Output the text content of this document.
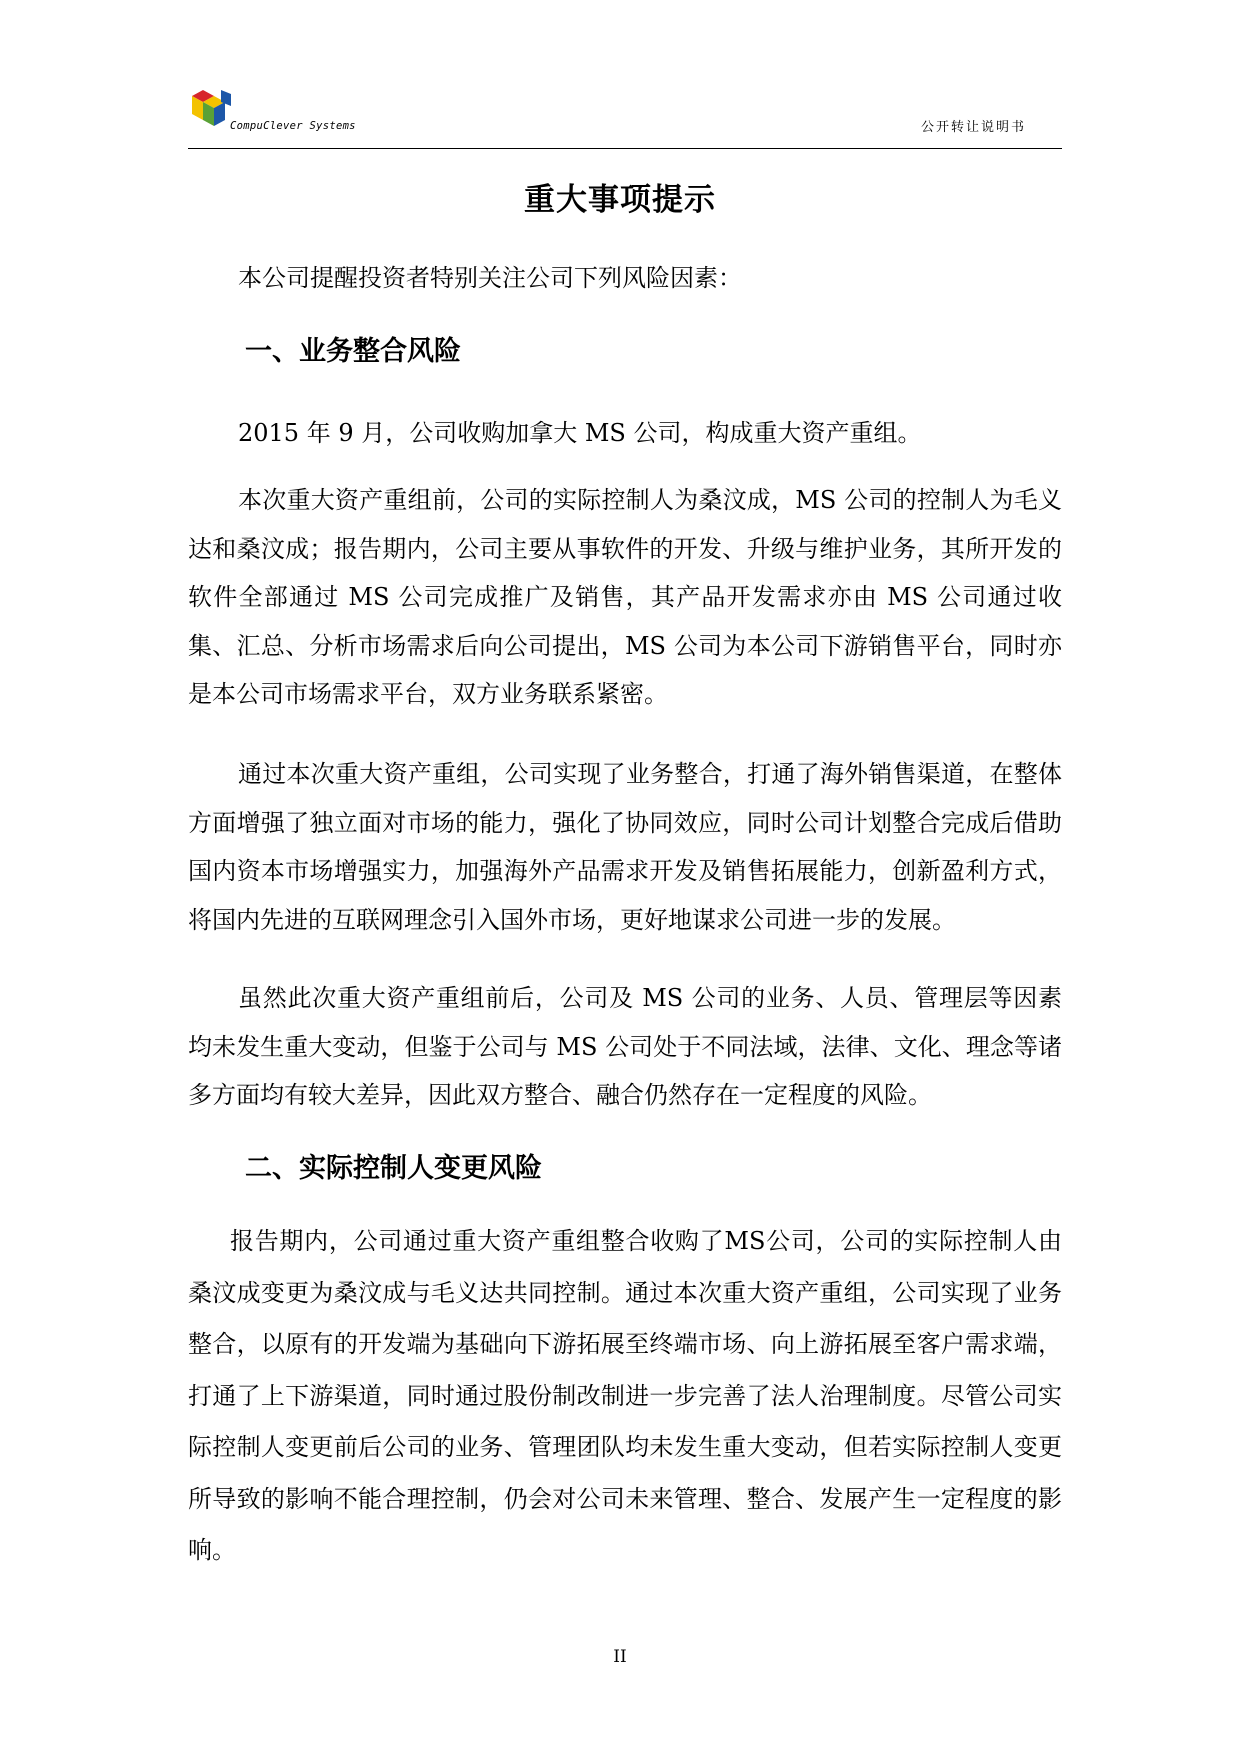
CompuClever Systems	公开转让说明书
重大事项提示

本公司提醒投资者特别关注公司下列风险因素：

一、业务整合风险

2015 年 9 月，公司收购加拿大 MS 公司，构成重大资产重组。

本次重大资产重组前，公司的实际控制人为桑汶成，MS 公司的控制人为毛义达和桑汶成；报告期内，公司主要从事软件的开发、升级与维护业务，其所开发的软件全部通过 MS 公司完成推广及销售，其产品开发需求亦由 MS 公司通过收集、汇总、分析市场需求后向公司提出，MS 公司为本公司下游销售平台，同时亦是本公司市场需求平台，双方业务联系紧密。

通过本次重大资产重组，公司实现了业务整合，打通了海外销售渠道，在整体方面增强了独立面对市场的能力，强化了协同效应，同时公司计划整合完成后借助国内资本市场增强实力，加强海外产品需求开发及销售拓展能力，创新盈利方式，将国内先进的互联网理念引入国外市场，更好地谋求公司进一步的发展。

虽然此次重大资产重组前后，公司及 MS 公司的业务、人员、管理层等因素均未发生重大变动，但鉴于公司与 MS 公司处于不同法域，法律、文化、理念等诸多方面均有较大差异，因此双方整合、融合仍然存在一定程度的风险。

二、实际控制人变更风险

报告期内，公司通过重大资产重组整合收购了MS公司，公司的实际控制人由桑汶成变更为桑汶成与毛义达共同控制。通过本次重大资产重组，公司实现了业务整合，以原有的开发端为基础向下游拓展至终端市场、向上游拓展至客户需求端，打通了上下游渠道，同时通过股份制改制进一步完善了法人治理制度。尽管公司实际控制人变更前后公司的业务、管理团队均未发生重大变动，但若实际控制人变更所导致的影响不能合理控制，仍会对公司未来管理、整合、发展产生一定程度的影响。

II
